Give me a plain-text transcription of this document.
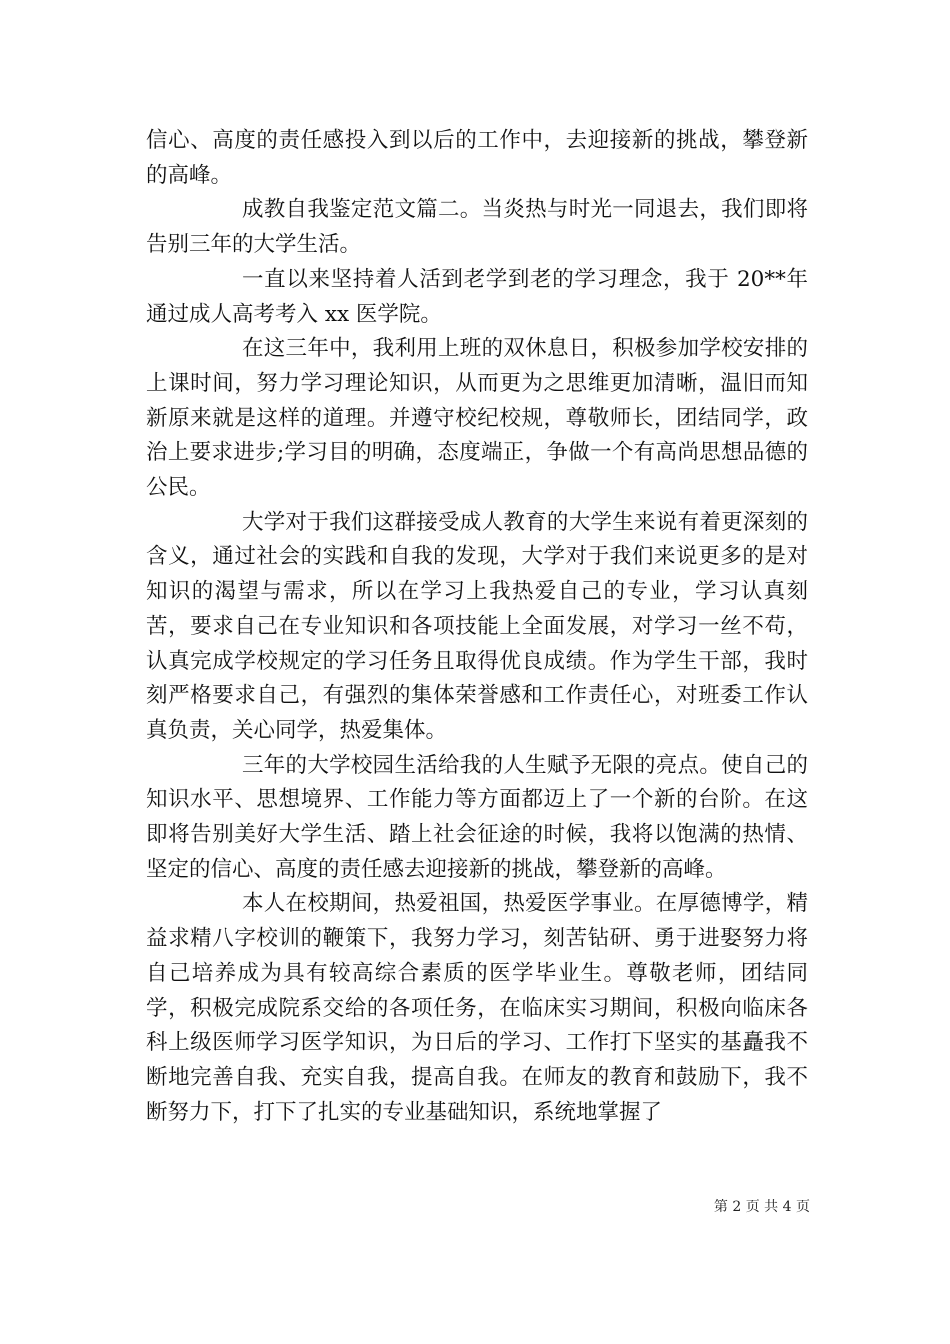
信心、高度的责任感投入到以后的工作中，去迎接新的挑战，攀登新的高峰。

成教自我鉴定范文篇二。当炎热与时光一同退去，我们即将告别三年的大学生活。

一直以来坚持着人活到老学到老的学习理念，我于 20**年通过成人高考考入 xx 医学院。

在这三年中，我利用上班的双休息日，积极参加学校安排的上课时间，努力学习理论知识，从而更为之思维更加清晰，温旧而知新原来就是这样的道理。并遵守校纪校规，尊敬师长，团结同学，政治上要求进步;学习目的明确，态度端正，争做一个有高尚思想品德的公民。

大学对于我们这群接受成人教育的大学生来说有着更深刻的含义，通过社会的实践和自我的发现，大学对于我们来说更多的是对知识的渴望与需求，所以在学习上我热爱自己的专业，学习认真刻苦，要求自己在专业知识和各项技能上全面发展，对学习一丝不苟，认真完成学校规定的学习任务且取得优良成绩。作为学生干部，我时刻严格要求自己，有强烈的集体荣誉感和工作责任心，对班委工作认真负责，关心同学，热爱集体。

三年的大学校园生活给我的人生赋予无限的亮点。使自己的知识水平、思想境界、工作能力等方面都迈上了一个新的台阶。在这即将告别美好大学生活、踏上社会征途的时候，我将以饱满的热情、坚定的信心、高度的责任感去迎接新的挑战，攀登新的高峰。

本人在校期间，热爱祖国，热爱医学事业。在厚德博学，精益求精八字校训的鞭策下，我努力学习，刻苦钻研、勇于进娶努力将自己培养成为具有较高综合素质的医学毕业生。尊敬老师，团结同学，积极完成院系交给的各项任务，在临床实习期间，积极向临床各科上级医师学习医学知识，为日后的学习、工作打下坚实的基矗我不断地完善自我、充实自我，提高自我。在师友的教育和鼓励下，我不断努力下，打下了扎实的专业基础知识，系统地掌握了

第 2 页 共 4 页
